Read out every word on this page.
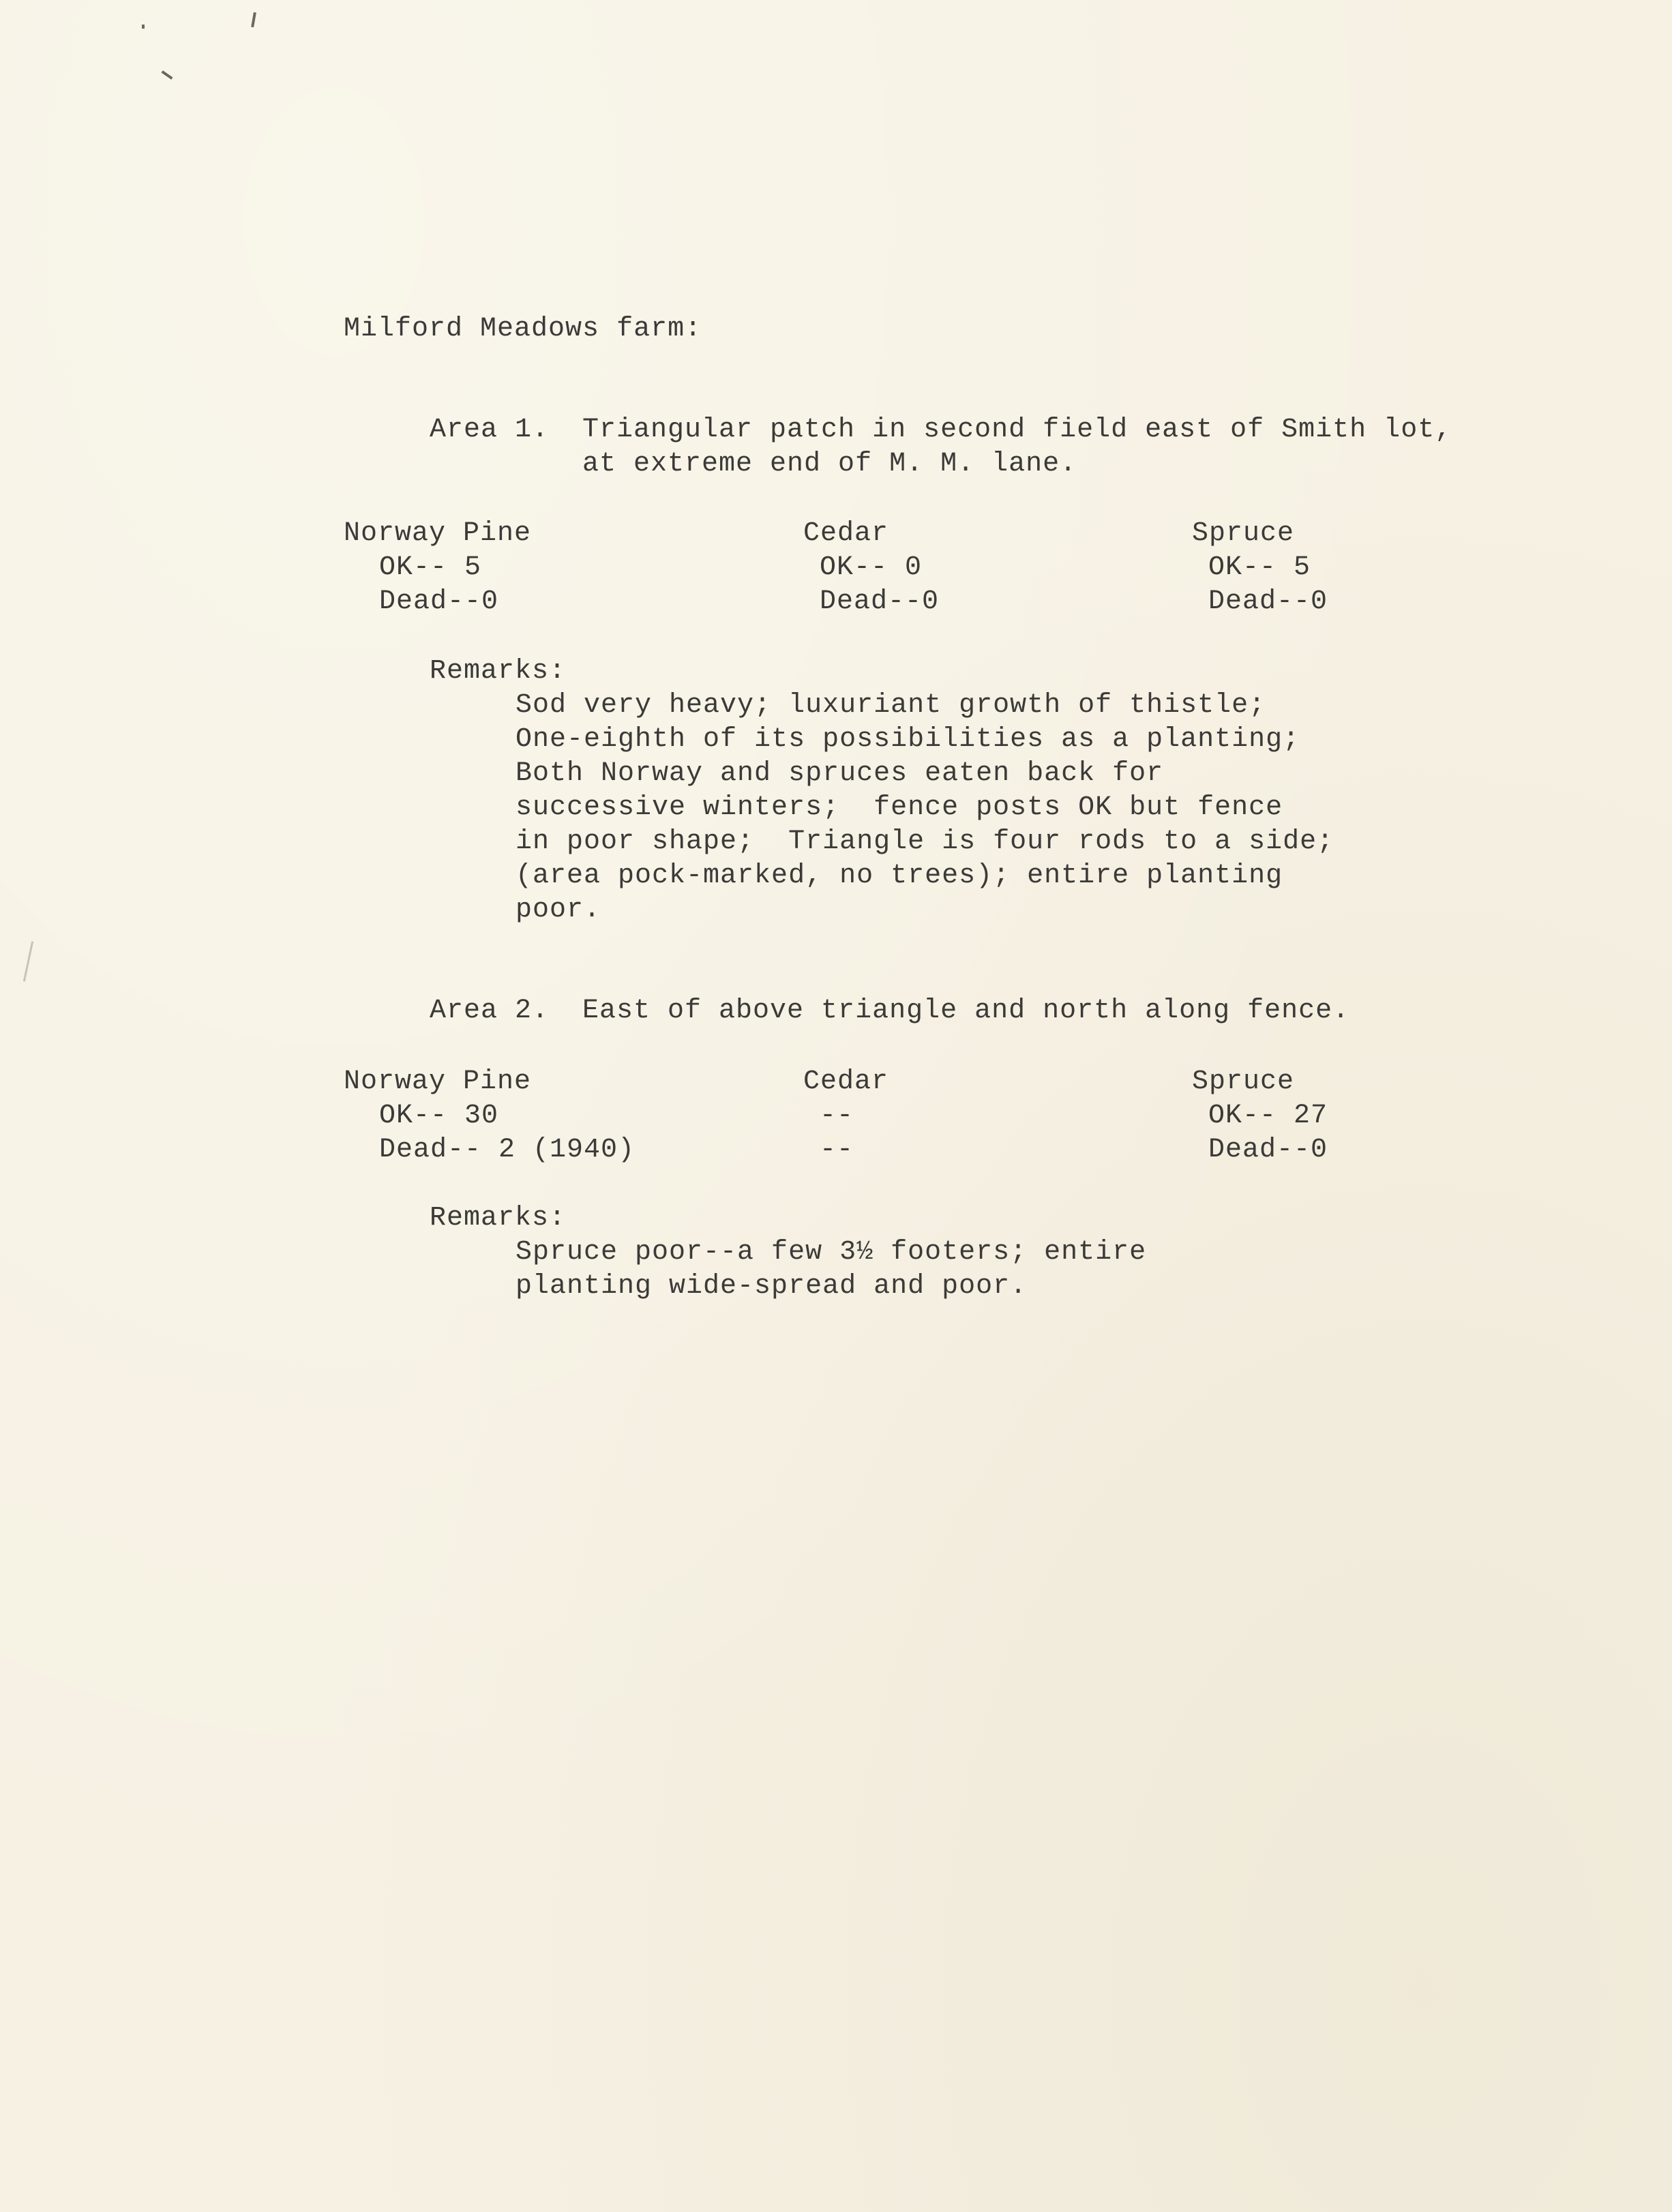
Milford Meadows farm:
Area 1. Triangular patch in second field east of Smith lot,
at extreme end of M. M. lane.
Norway Pine
OK-- 5
Dead--0
Cedar
OK-- 0
Dead--0
Spruce
OK-- 5
Dead--0
Remarks:
Sod very heavy; luxuriant growth of thistle;
One-eighth of its possibilities as a planting;
Both Norway and spruces eaten back for
successive winters;  fence posts OK but fence
in poor shape;  Triangle is four rods to a side;
(area pock-marked, no trees); entire planting
poor.
Area 2. East of above triangle and north along fence.
Norway Pine
OK-- 30
Dead-- 2 (1940)
Cedar
--
--
Spruce
OK-- 27
Dead--0
Remarks:
Spruce poor--a few 3½ footers; entire
planting wide-spread and poor.
